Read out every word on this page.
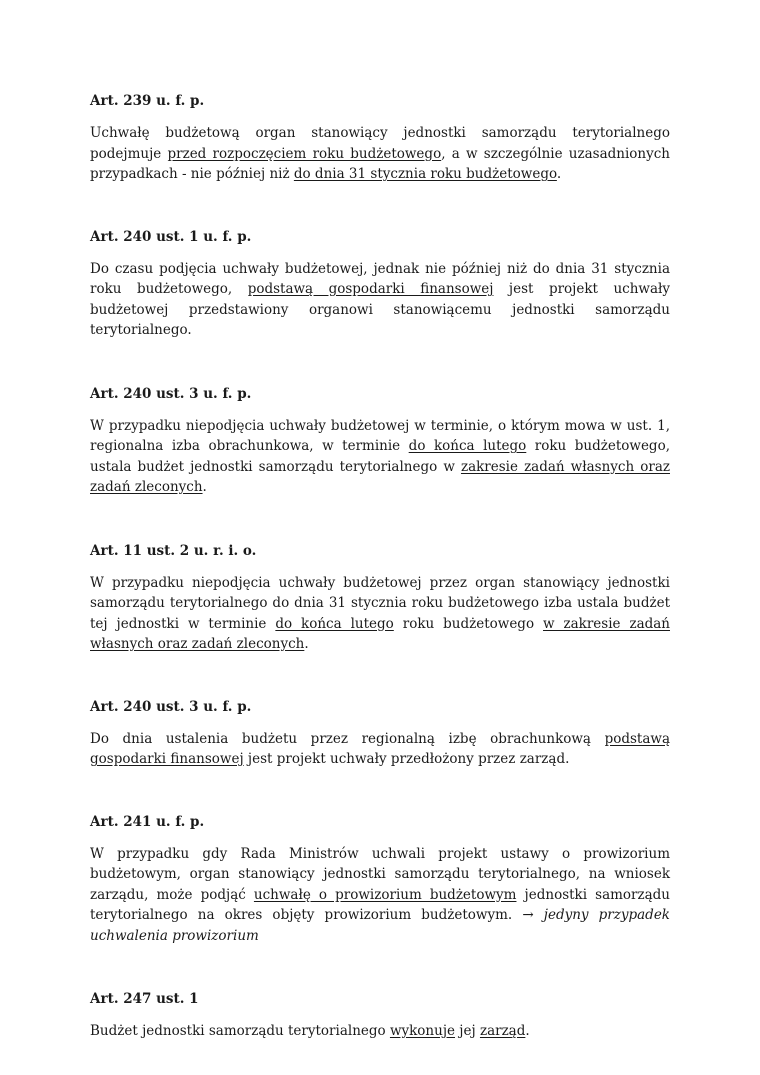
Art. 239 u. f. p.

Uchwałę budżetową organ stanowiący jednostki samorządu terytorialnego podejmuje przed rozpoczęciem roku budżetowego, a w szczególnie uzasadnionych przypadkach - nie później niż do dnia 31 stycznia roku budżetowego.

Art. 240 ust. 1 u. f. p.

Do czasu podjęcia uchwały budżetowej, jednak nie później niż do dnia 31 stycznia roku budżetowego, podstawą gospodarki finansowej jest projekt uchwały budżetowej przedstawiony organowi stanowiącemu jednostki samorządu terytorialnego.

Art. 240 ust. 3 u. f. p.

W przypadku niepodjęcia uchwały budżetowej w terminie, o którym mowa w ust. 1, regionalna izba obrachunkowa, w terminie do końca lutego roku budżetowego, ustala budżet jednostki samorządu terytorialnego w zakresie zadań własnych oraz zadań zleconych.

Art. 11 ust. 2 u. r. i. o.

W przypadku niepodjęcia uchwały budżetowej przez organ stanowiący jednostki samorządu terytorialnego do dnia 31 stycznia roku budżetowego izba ustala budżet tej jednostki w terminie do końca lutego roku budżetowego w zakresie zadań własnych oraz zadań zleconych.

Art. 240 ust. 3 u. f. p.

Do dnia ustalenia budżetu przez regionalną izbę obrachunkową podstawą gospodarki finansowej jest projekt uchwały przedłożony przez zarząd.

Art. 241 u. f. p.

W przypadku gdy Rada Ministrów uchwali projekt ustawy o prowizorium budżetowym, organ stanowiący jednostki samorządu terytorialnego, na wniosek zarządu, może podjąć uchwałę o prowizorium budżetowym jednostki samorządu terytorialnego na okres objęty prowizorium budżetowym. → jedyny przypadek uchwalenia prowizorium

Art. 247 ust. 1

Budżet jednostki samorządu terytorialnego wykonuje jej zarząd.
